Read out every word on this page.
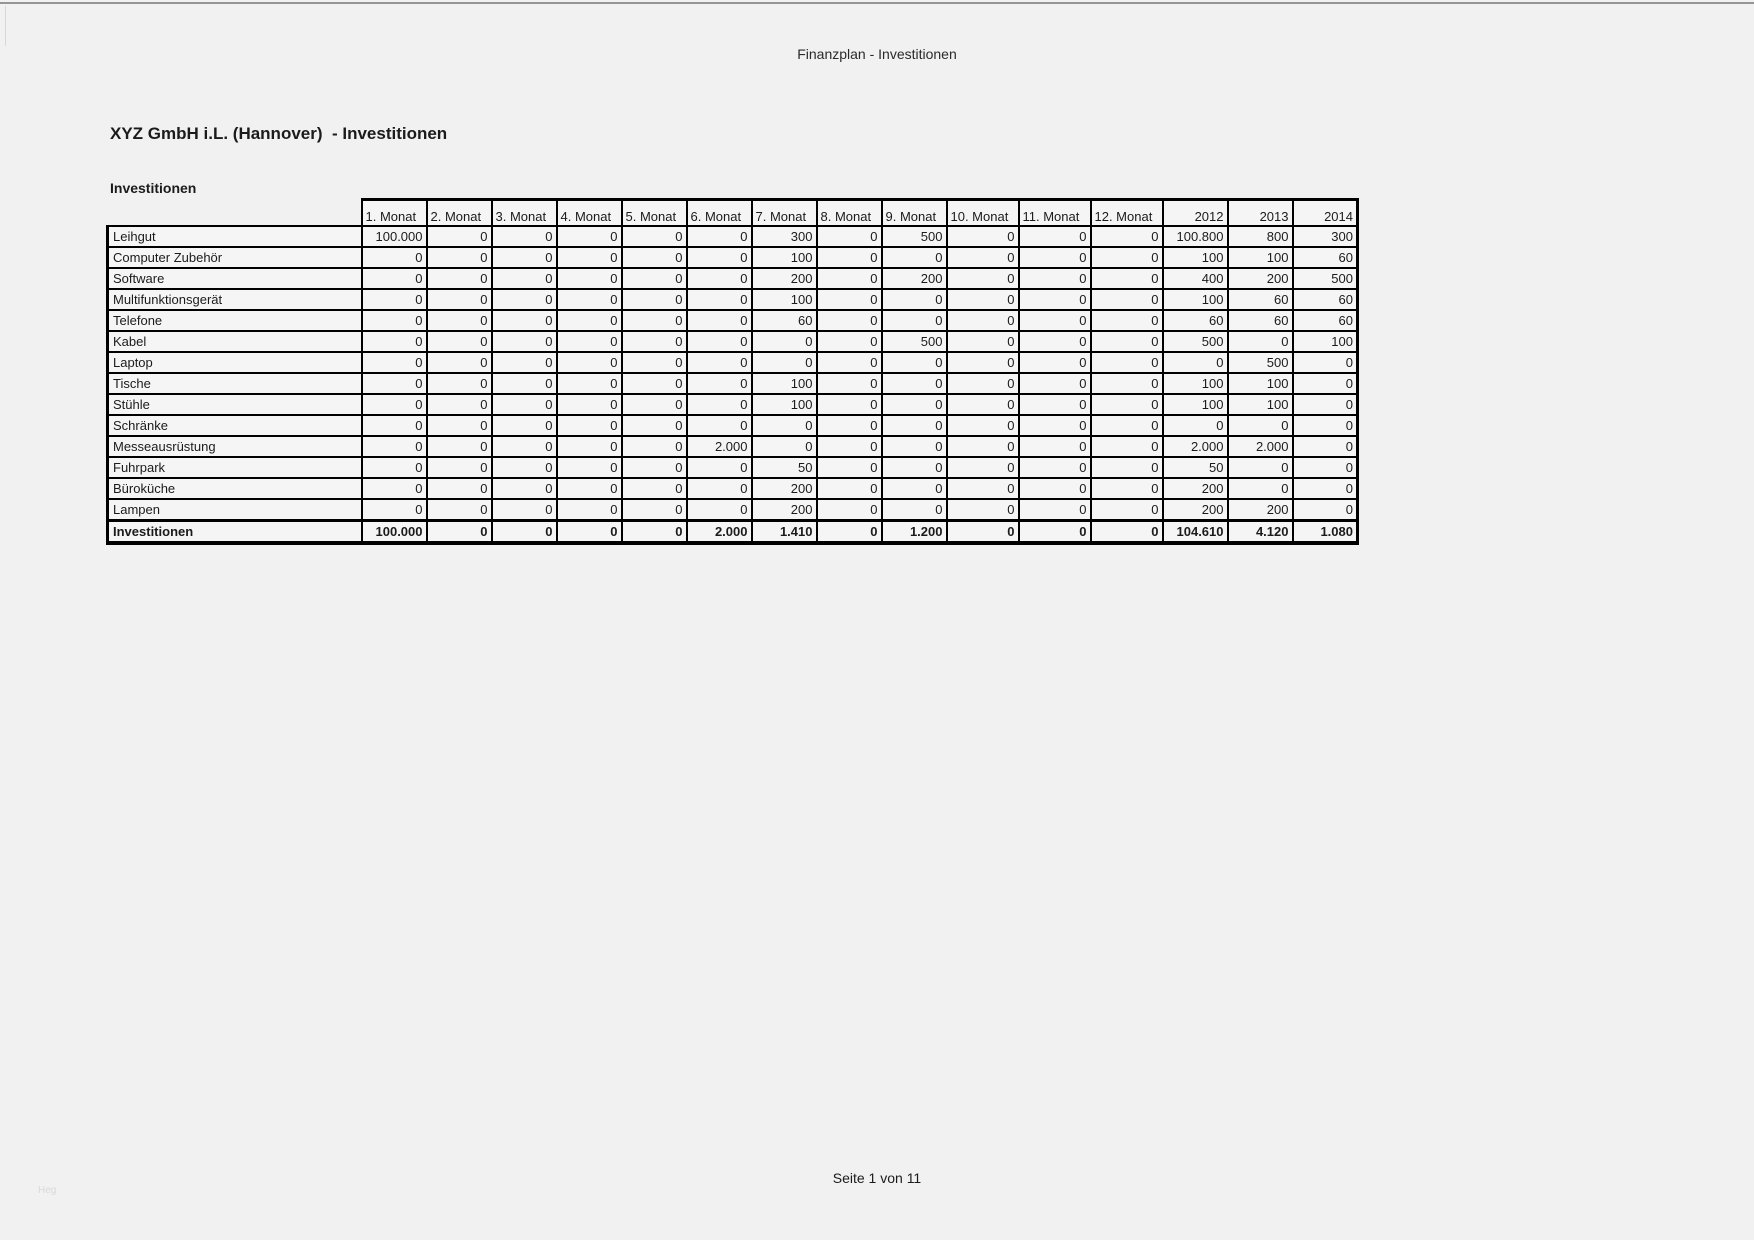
Finanzplan - Investitionen
XYZ GmbH i.L. (Hannover)  - Investitionen
Investitionen
	1. Monat	2. Monat	3. Monat	4. Monat	5. Monat	6. Monat	7. Monat	8. Monat	9. Monat	10. Monat	11. Monat	12. Monat	2012	2013	2014
Leihgut	100.000	0	0	0	0	0	300	0	500	0	0	0	100.800	800	300
Computer Zubehör	0	0	0	0	0	0	100	0	0	0	0	0	100	100	60
Software	0	0	0	0	0	0	200	0	200	0	0	0	400	200	500
Multifunktionsgerät	0	0	0	0	0	0	100	0	0	0	0	0	100	60	60
Telefone	0	0	0	0	0	0	60	0	0	0	0	0	60	60	60
Kabel	0	0	0	0	0	0	0	0	500	0	0	0	500	0	100
Laptop	0	0	0	0	0	0	0	0	0	0	0	0	0	500	0
Tische	0	0	0	0	0	0	100	0	0	0	0	0	100	100	0
Stühle	0	0	0	0	0	0	100	0	0	0	0	0	100	100	0
Schränke	0	0	0	0	0	0	0	0	0	0	0	0	0	0	0
Messeausrüstung	0	0	0	0	0	2.000	0	0	0	0	0	0	2.000	2.000	0
Fuhrpark	0	0	0	0	0	0	50	0	0	0	0	0	50	0	0
Büroküche	0	0	0	0	0	0	200	0	0	0	0	0	200	0	0
Lampen	0	0	0	0	0	0	200	0	0	0	0	0	200	200	0
Investitionen	100.000	0	0	0	0	2.000	1.410	0	1.200	0	0	0	104.610	4.120	1.080
Seite 1 von 11
Heg
